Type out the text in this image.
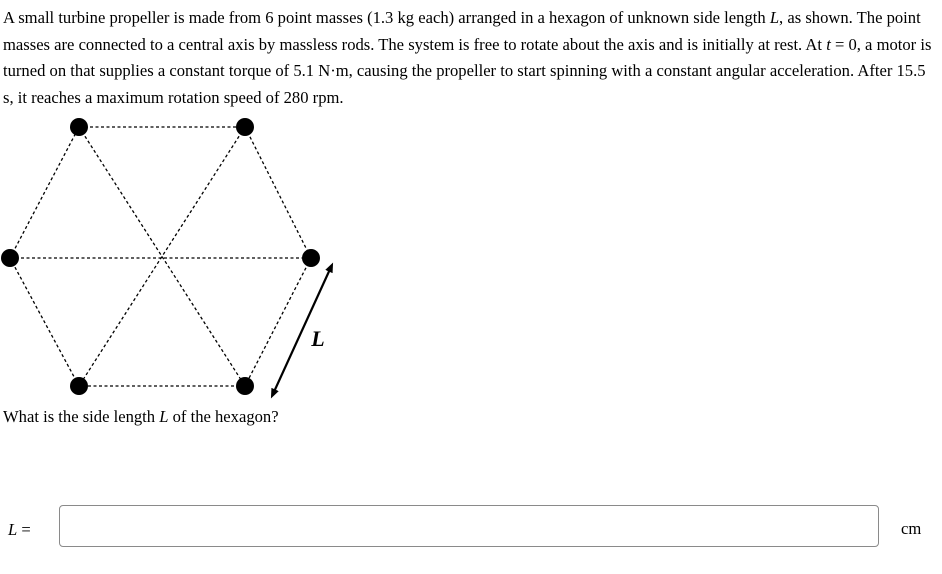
A small turbine propeller is made from 6 point masses (1.3 kg each) arranged in a hexagon of unknown side length L, as shown. The point masses are connected to a central axis by massless rods. The system is free to rotate about the axis and is initially at rest. At t = 0, a motor is turned on that supplies a constant torque of 5.1 N·m, causing the propeller to start spinning with a constant angular acceleration. After 15.5 s, it reaches a maximum rotation speed of 280 rpm.

L
What is the side length L of the hexagon?
L =	cm
